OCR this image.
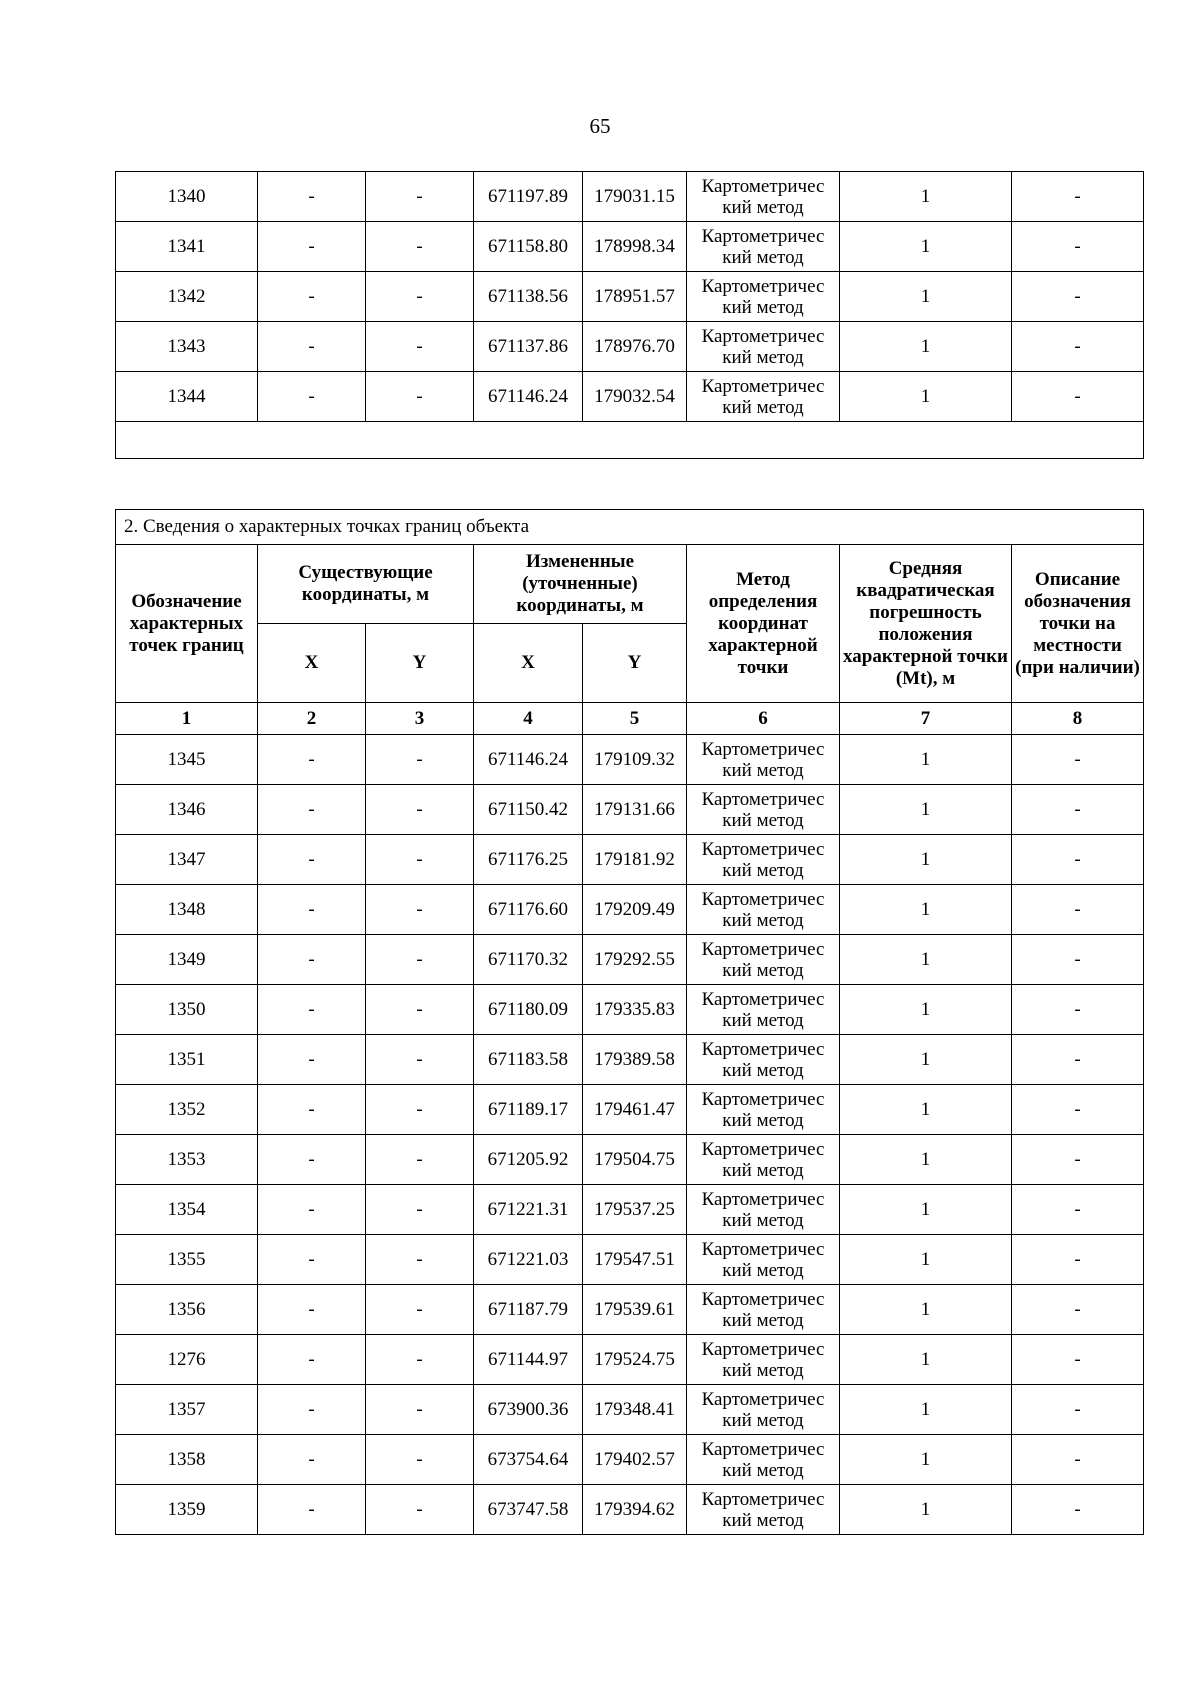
65
1340	-	-	671197.89	179031.15	Картометричес кий метод	1	-
1341	-	-	671158.80	178998.34	Картометричес кий метод	1	-
1342	-	-	671138.56	178951.57	Картометричес кий метод	1	-
1343	-	-	671137.86	178976.70	Картометричес кий метод	1	-
1344	-	-	671146.24	179032.54	Картометричес кий метод	1	-

2. Сведения о характерных точках границ объекта							
Обозначение характерных точек границ	Существующие координаты, м		Измененные (уточненные) координаты, м		Метод определения координат характерной точки	Средняя квадратическая погрешность положения характерной точки (Mt), м	Описание обозначения точки на местности (при наличии)
	X	Y	X	Y			
1	2	3	4	5	6	7	8
1345	-	-	671146.24	179109.32	Картометричес кий метод	1	-
1346	-	-	671150.42	179131.66	Картометричес кий метод	1	-
1347	-	-	671176.25	179181.92	Картометричес кий метод	1	-
1348	-	-	671176.60	179209.49	Картометричес кий метод	1	-
1349	-	-	671170.32	179292.55	Картометричес кий метод	1	-
1350	-	-	671180.09	179335.83	Картометричес кий метод	1	-
1351	-	-	671183.58	179389.58	Картометричес кий метод	1	-
1352	-	-	671189.17	179461.47	Картометричес кий метод	1	-
1353	-	-	671205.92	179504.75	Картометричес кий метод	1	-
1354	-	-	671221.31	179537.25	Картометричес кий метод	1	-
1355	-	-	671221.03	179547.51	Картометричес кий метод	1	-
1356	-	-	671187.79	179539.61	Картометричес кий метод	1	-
1276	-	-	671144.97	179524.75	Картометричес кий метод	1	-
1357	-	-	673900.36	179348.41	Картометричес кий метод	1	-
1358	-	-	673754.64	179402.57	Картометричес кий метод	1	-
1359	-	-	673747.58	179394.62	Картометричес кий метод	1	-
